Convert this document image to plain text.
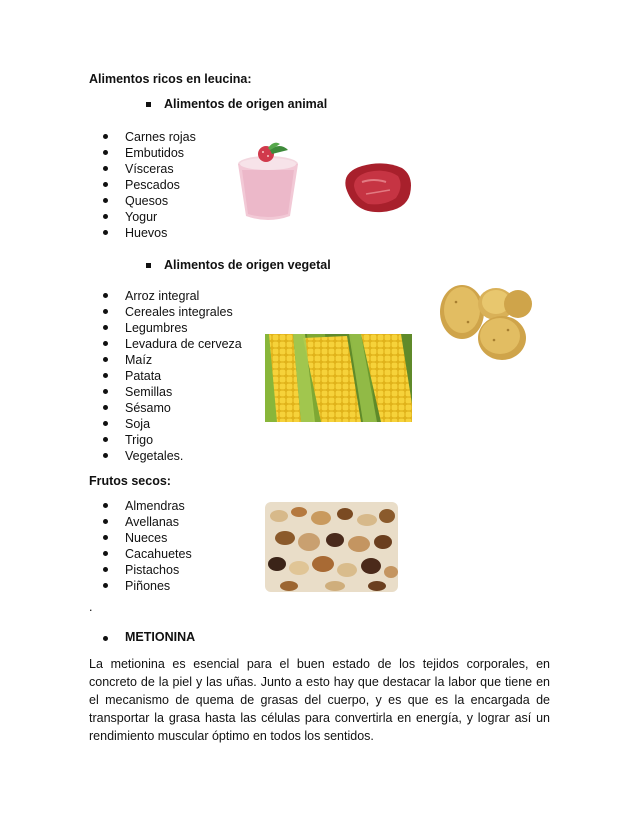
Alimentos ricos en leucina:
Alimentos de origen animal
Carnes rojas
Embutidos
Vísceras
Pescados
Quesos
Yogur
Huevos
Alimentos de origen vegetal
Arroz integral
Cereales integrales
Legumbres
Levadura de cerveza
Maíz
Patata
Semillas
Sésamo
Soja
Trigo
Vegetales.
Frutos secos:
Almendras
Avellanas
Nueces
Cacahuetes
Pistachos
Piñones
.
METIONINA
La metionina es esencial para el buen estado de los tejidos corporales, en concreto de la piel y las uñas. Junto a esto hay que destacar la labor que tiene en el mecanismo de quema de grasas del cuerpo, y es que es la encargada de transportar la grasa hasta las células para convertirla en energía, y lograr así un rendimiento muscular óptimo en todos los sentidos.
